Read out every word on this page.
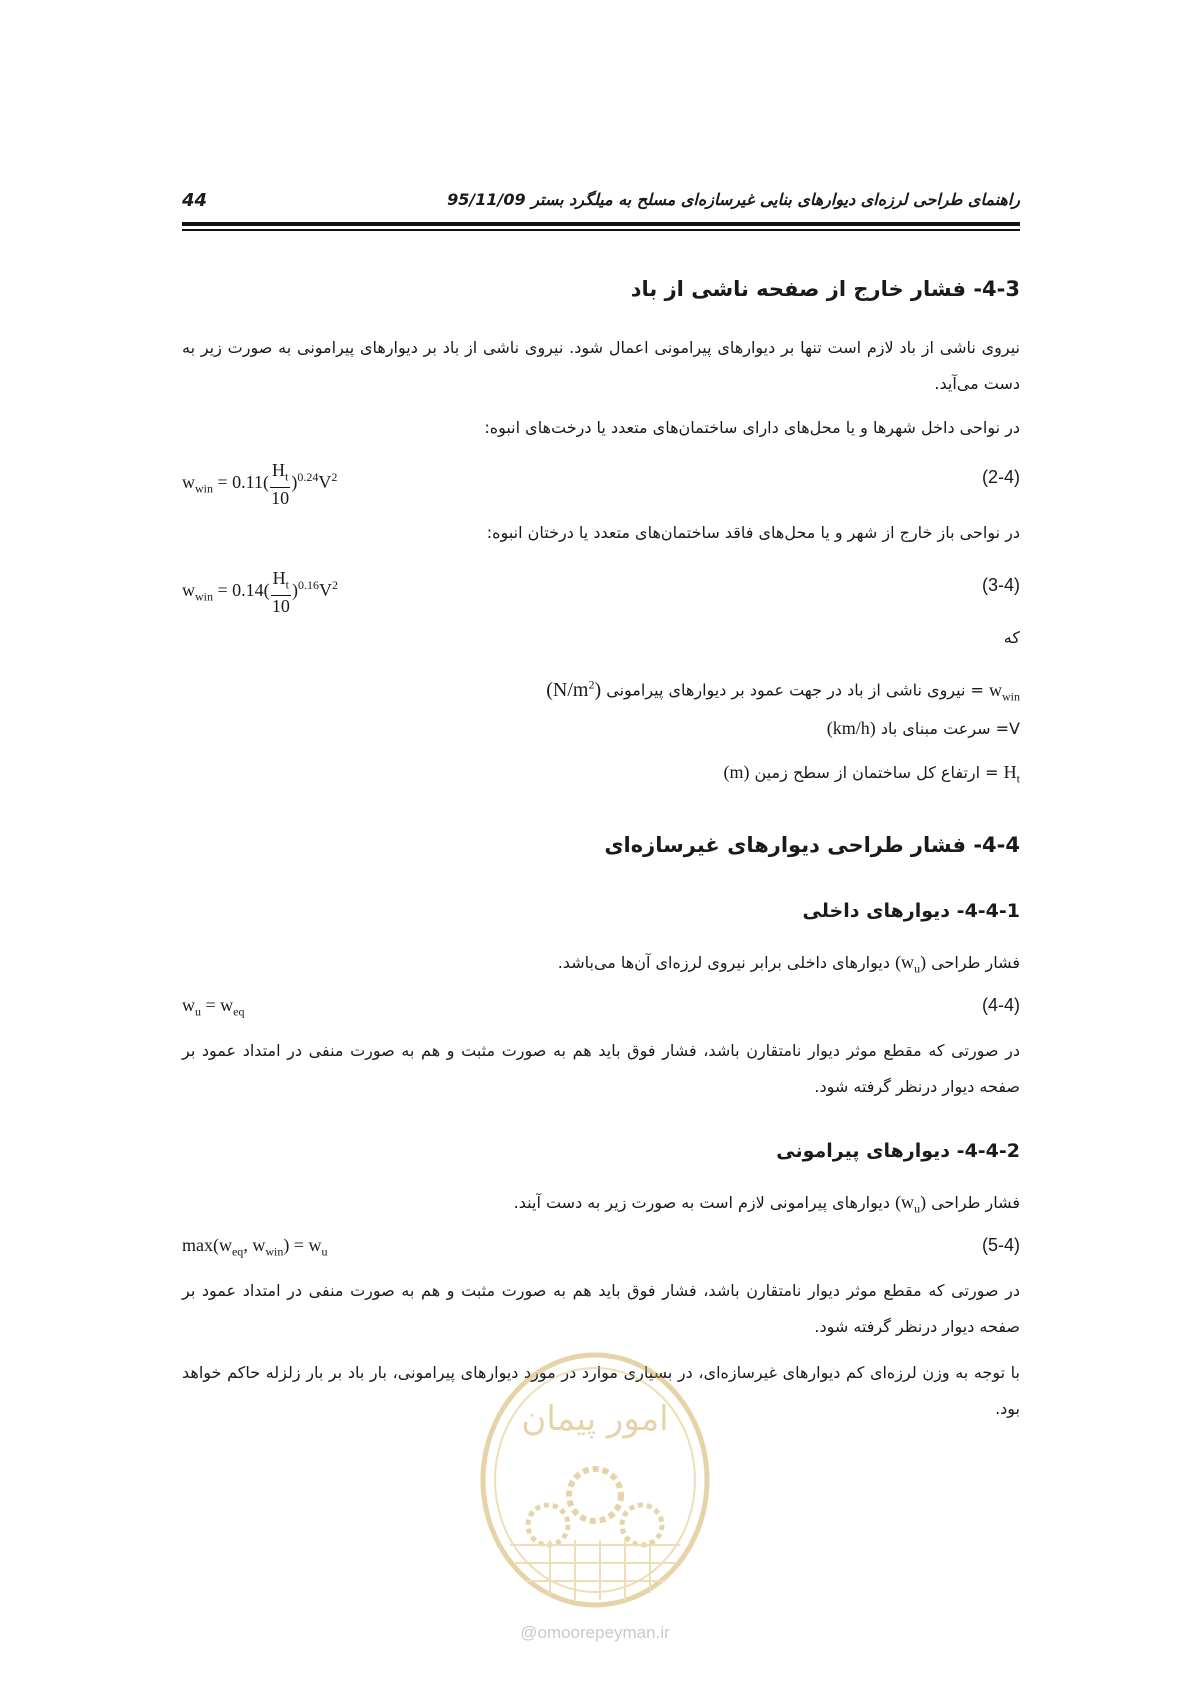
44	راهنمای طراحی لرزه‌ای دیوارهای بنایی غیرسازه‌ای مسلح به میلگرد بستر 95/11/09
4-3- فشار خارج از صفحه ناشی از باد

نیروی ناشی از باد لازم است تنها بر دیوارهای پیرامونی اعمال شود. نیروی ناشی از باد بر دیوارهای پیرامونی به صورت زیر به دست می‌آید.

در نواحی داخل شهرها و یا محل‌های دارای ساختمان‌های متعدد یا درخت‌های انبوه:

$w_{win} = 0.11( \frac{H_t}{10} )^{0.24}V^2$	(2-4)

در نواحی باز خارج از شهر و یا محل‌های فاقد ساختمان‌های متعدد یا درختان انبوه:

$w_{win} = 0.14( \frac{H_t}{10} )^{0.16}V^2$	(3-4)

که

$w_{win}$ = نیروی ناشی از باد در جهت عمود بر دیوارهای پیرامونی $(N/m^2)$
V= سرعت مبنای باد (km/h)
$H_t$ = ارتفاع کل ساختمان از سطح زمین (m)
4-4- فشار طراحی دیوارهای غیرسازه‌ای
4-4-1- دیوارهای داخلی
فشار طراحی $(w_u)$ دیوارهای داخلی برابر نیروی لرزه‌ای آن‌ها می‌باشد.
$w_u = w_{eq}$	(4-4)

در صورتی که مقطع موثر دیوار نامتقارن باشد، فشار فوق باید هم به صورت مثبت و هم به صورت منفی در امتداد عمود بر صفحه دیوار درنظر گرفته شود.

4-4-2- دیوارهای پیرامونی
فشار طراحی $(w_u)$ دیوارهای پیرامونی لازم است به صورت زیر به دست آیند.
$\max(w_{eq}$, $w_{win}) = w_u$	(5-4)

در صورتی که مقطع موثر دیوار نامتقارن باشد، فشار فوق باید هم به صورت مثبت و هم به صورت منفی در امتداد عمود بر صفحه دیوار درنظر گرفته شود.

با توجه به وزن لرزه‌ای کم دیوارهای غیرسازه‌ای، در بسیاری موارد در مورد دیوارهای پیرامونی، بار باد بر بار زلزله حاکم خواهد بود.

امور پیمان
@omoorepeyman.ir
